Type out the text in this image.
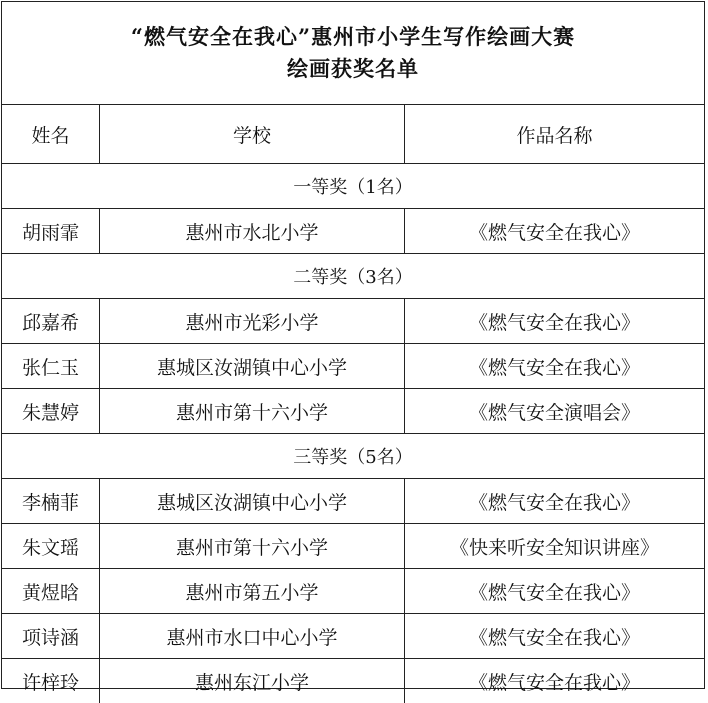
“燃气安全在我心”惠州市小学生写作绘画大赛
绘画获奖名单
姓名	学校	作品名称
一等奖（1名）		
胡雨霏	惠州市水北小学	《燃气安全在我心》
二等奖（3名）		
邱嘉希	惠州市光彩小学	《燃气安全在我心》
张仁玉	惠城区汝湖镇中心小学	《燃气安全在我心》
朱慧婷	惠州市第十六小学	《燃气安全演唱会》
三等奖（5名）		
李楠菲	惠城区汝湖镇中心小学	《燃气安全在我心》
朱文瑶	惠州市第十六小学	《快来听安全知识讲座》
黄煜晗	惠州市第五小学	《燃气安全在我心》
项诗涵	惠州市水口中心小学	《燃气安全在我心》
许梓玲	惠州东江小学	《燃气安全在我心》
